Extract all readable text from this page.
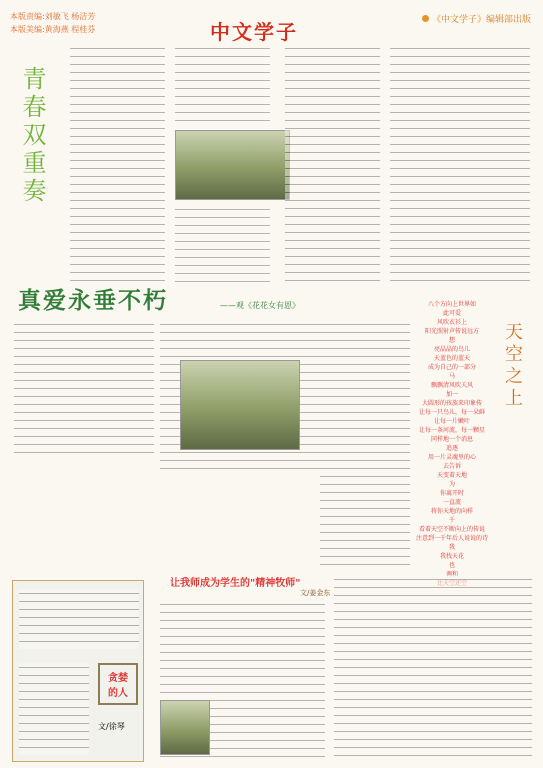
本版责编:刘敏飞 杨洁芳
本版美编:黄海燕 程桂芬	中文学子	《中文学子》编辑部出版
青春双重奏
真爱永垂不朽	——观《花花女有恩》	八个方向上世界如
此可爱
风吹衣衫上
阳光照射声传说远方
想
亮晶晶的鸟儿
天蓝色的蓝天
成为自己的一部分
马
飘飘清风吹夭风
加一
大圆形的孩族来印象传
让每一只鸟儿，每一朵鲜
让每一片嫩叶
让每一条河流，每一颗星
同样地一个消息
追逐
用一片灵魂里的心
去告诉
天变着天地
为
你离开时
一直流
将你天地的向样
千
看着天空不断向上的传说
注意到一千年后人说说的诗
我
我找天花
也
调和
比天空还空
天空之上
贪婪的人
文/徐琴
让我师成为学生的"精神牧师"
文/姜金东
